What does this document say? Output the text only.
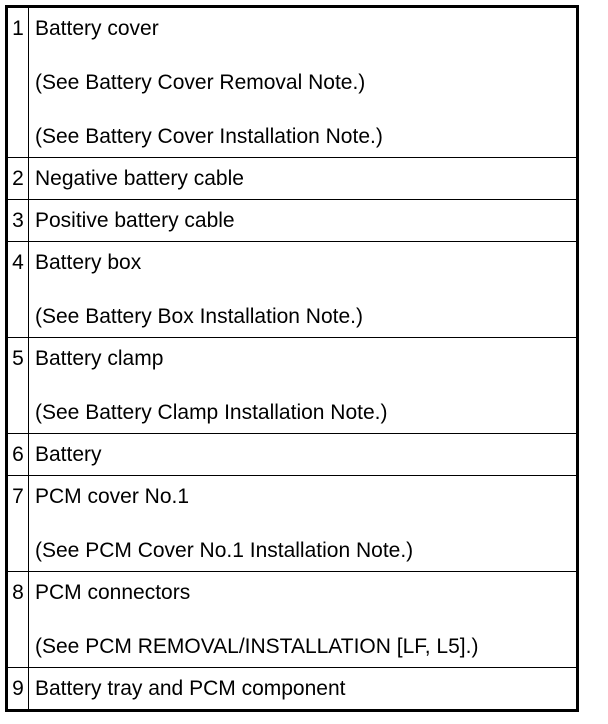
1	Battery cover
(See Battery Cover Removal Note.)
(See Battery Cover Installation Note.)

2	Negative battery cable

3	Positive battery cable

4	Battery box
(See Battery Box Installation Note.)

5	Battery clamp
(See Battery Clamp Installation Note.)

6	Battery

7	PCM cover No.1
(See PCM Cover No.1 Installation Note.)

8	PCM connectors
(See PCM REMOVAL/INSTALLATION [LF, L5].)

9	Battery tray and PCM component
